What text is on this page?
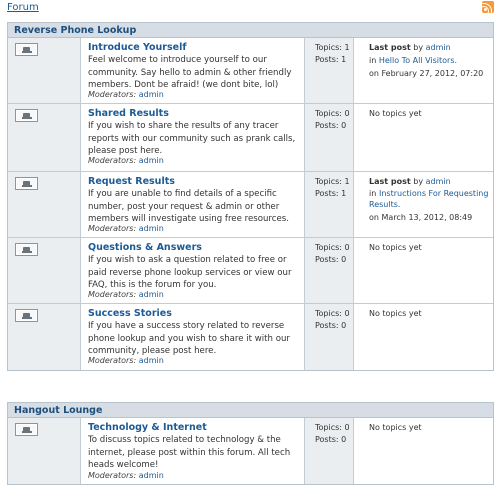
Forum
Reverse Phone Lookup
Introduce Yourself
Feel welcome to introduce yourself to our community. Say hello to admin & other friendly members. Dont be afraid! (we dont bite, lol)
Moderators: admin
Topics: 1
Posts: 1
Last post by admin
in Hello To All Visitors.
on February 27, 2012, 07:20
Shared Results
If you wish to share the results of any tracer reports with our community such as prank calls, please post here.
Moderators: admin
Topics: 0
Posts: 0
No topics yet
Request Results
If you are unable to find details of a specific number, post your request & admin or other members will investigate using free resources.
Moderators: admin
Topics: 1
Posts: 1
Last post by admin
in Instructions For Requesting Results.
on March 13, 2012, 08:49
Questions & Answers
If you wish to ask a question related to free or paid reverse phone lookup services or view our FAQ, this is the forum for you.
Moderators: admin
Topics: 0
Posts: 0
No topics yet
Success Stories
If you have a success story related to reverse phone lookup and you wish to share it with our community, please post here.
Moderators: admin
Topics: 0
Posts: 0
No topics yet
Hangout Lounge
Technology & Internet
To discuss topics related to technology & the internet, please post within this forum. All tech heads welcome!
Moderators: admin
Topics: 0
Posts: 0
No topics yet
